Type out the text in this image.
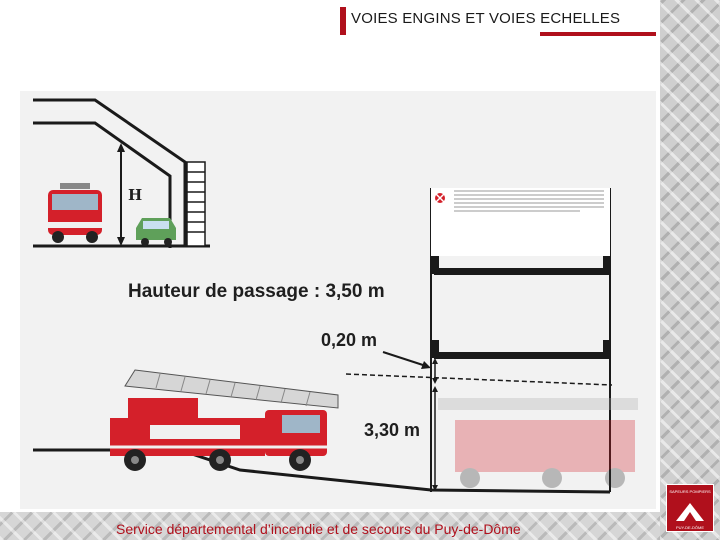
VOIES ENGINS ET VOIES ECHELLES
H
Hauteur de passage : 3,50 m
0,20 m
3,30 m
Service départemental d’incendie et de secours du Puy-de-Dôme
SAPEURS POMPIERS
PUY-DE-DÔME
